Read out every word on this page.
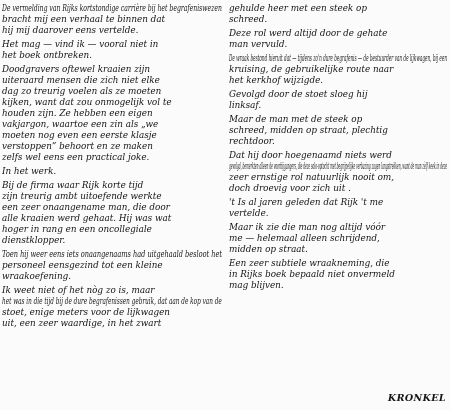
De vermelding van Rijks kortstondige carrière bij het begrafeniswezen
bracht mij een verhaal te binnen dat
hij mij daarover eens vertelde.

Het mag — vind ik — vooral niet in
het boek ontbreken.

Doodgravers oftewel kraaien zijn
uiteraard mensen die zich niet elke
dag zo treurig voelen als ze moeten
kijken, want dat zou onmogelijk vol te
houden zijn. Ze hebben een eigen
vakjargon, waartoe een zin als „we
moeten nog even een eerste klasje
verstoppen” behoort en ze maken
zelfs wel eens een practical joke.

In het werk.

Bij de firma waar Rijk korte tijd
zijn treurig ambt uitoefende werkte
een zeer onaangename man, die door
alle kraaien werd gehaat. Hij was wat
hoger in rang en een oncollegiale
dienstklopper.

Toen hij weer eens iets onaangenaams had uitgehaald besloot het
personeel eensgezind tot een kleine
wraakoefening.

Ik weet niet of het nòg zo is, maar
het was in die tijd bij de dure begrafenissen gebruik, dat aan de kop van de
stoet, enige meters voor de lijkwagen
uit, een zeer waardige, in het zwart

gehulde heer met een steek op
schreed.

Deze rol werd altijd door de gehate
man vervuld.

De wraak bestond hieruit dat — tijdens zo'n dure begrafenis — de bestuurder van de lijkwagen, bij een
kruising, de gebruikelijke route naar
het kerkhof wijzigde.

Gevolgd door de stoet sloeg hij
linksaf.

Maar de man met de steek op
schreed, midden op straat, plechtig
rechtdoor.

Dat hij door hoegenaamd niets werd
gevolgd, bemerkten alleen de voorbijgangers, die deze solo-optocht met begrijpelijke verbazing zagen langstrekken, want de man zèlf keek in deze
zeer ernstige rol natuurlijk nooit om,
doch droevig voor zich uit .

't Is al jaren geleden dat Rijk 't me
vertelde.

Maar ik zie die man nog altijd vóór
me — helemaal alleen schrijdend,
midden op straat.

Een zeer subtiele wraakneming, die
in Rijks boek bepaald niet onvermeld
mag blijven.

KRONKEL
